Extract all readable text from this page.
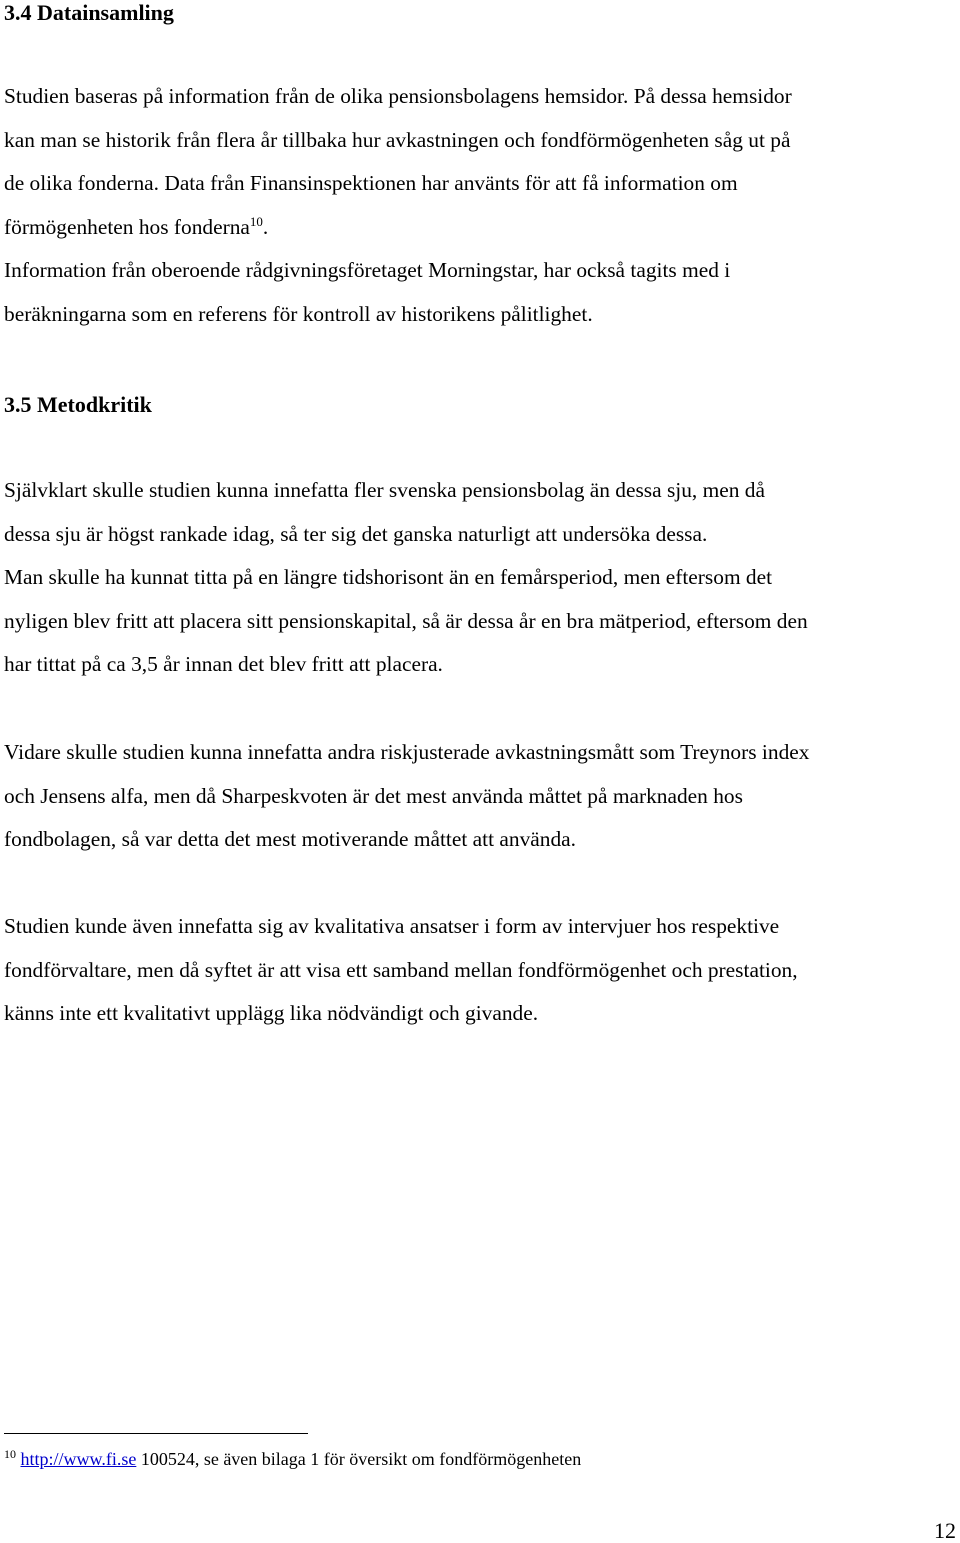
3.4 Datainsamling

Studien baseras på information från de olika pensionsbolagens hemsidor. På dessa hemsidor
kan man se historik från flera år tillbaka hur avkastningen och fondförmögenheten såg ut på
de olika fonderna. Data från Finansinspektionen har använts för att få information om
förmögenheten hos fonderna$^{10}$.
Information från oberoende rådgivningsföretaget Morningstar, har också tagits med i
beräkningarna som en referens för kontroll av historikens pålitlighet.

3.5 Metodkritik

Självklart skulle studien kunna innefatta fler svenska pensionsbolag än dessa sju, men då
dessa sju är högst rankade idag, så ter sig det ganska naturligt att undersöka dessa.
Man skulle ha kunnat titta på en längre tidshorisont än en femårsperiod, men eftersom det
nyligen blev fritt att placera sitt pensionskapital, så är dessa år en bra mätperiod, eftersom den
har tittat på ca 3,5 år innan det blev fritt att placera.

Vidare skulle studien kunna innefatta andra riskjusterade avkastningsmått som Treynors index
och Jensens alfa, men då Sharpeskvoten är det mest använda måttet på marknaden hos
fondbolagen, så var detta det mest motiverande måttet att använda.

Studien kunde även innefatta sig av kvalitativa ansatser i form av intervjuer hos respektive
fondförvaltare, men då syftet är att visa ett samband mellan fondförmögenhet och prestation,
känns inte ett kvalitativt upplägg lika nödvändigt och givande.

$^{10}$ http://www.fi.se 100524, se även bilaga 1 för översikt om fondförmögenheten
12
